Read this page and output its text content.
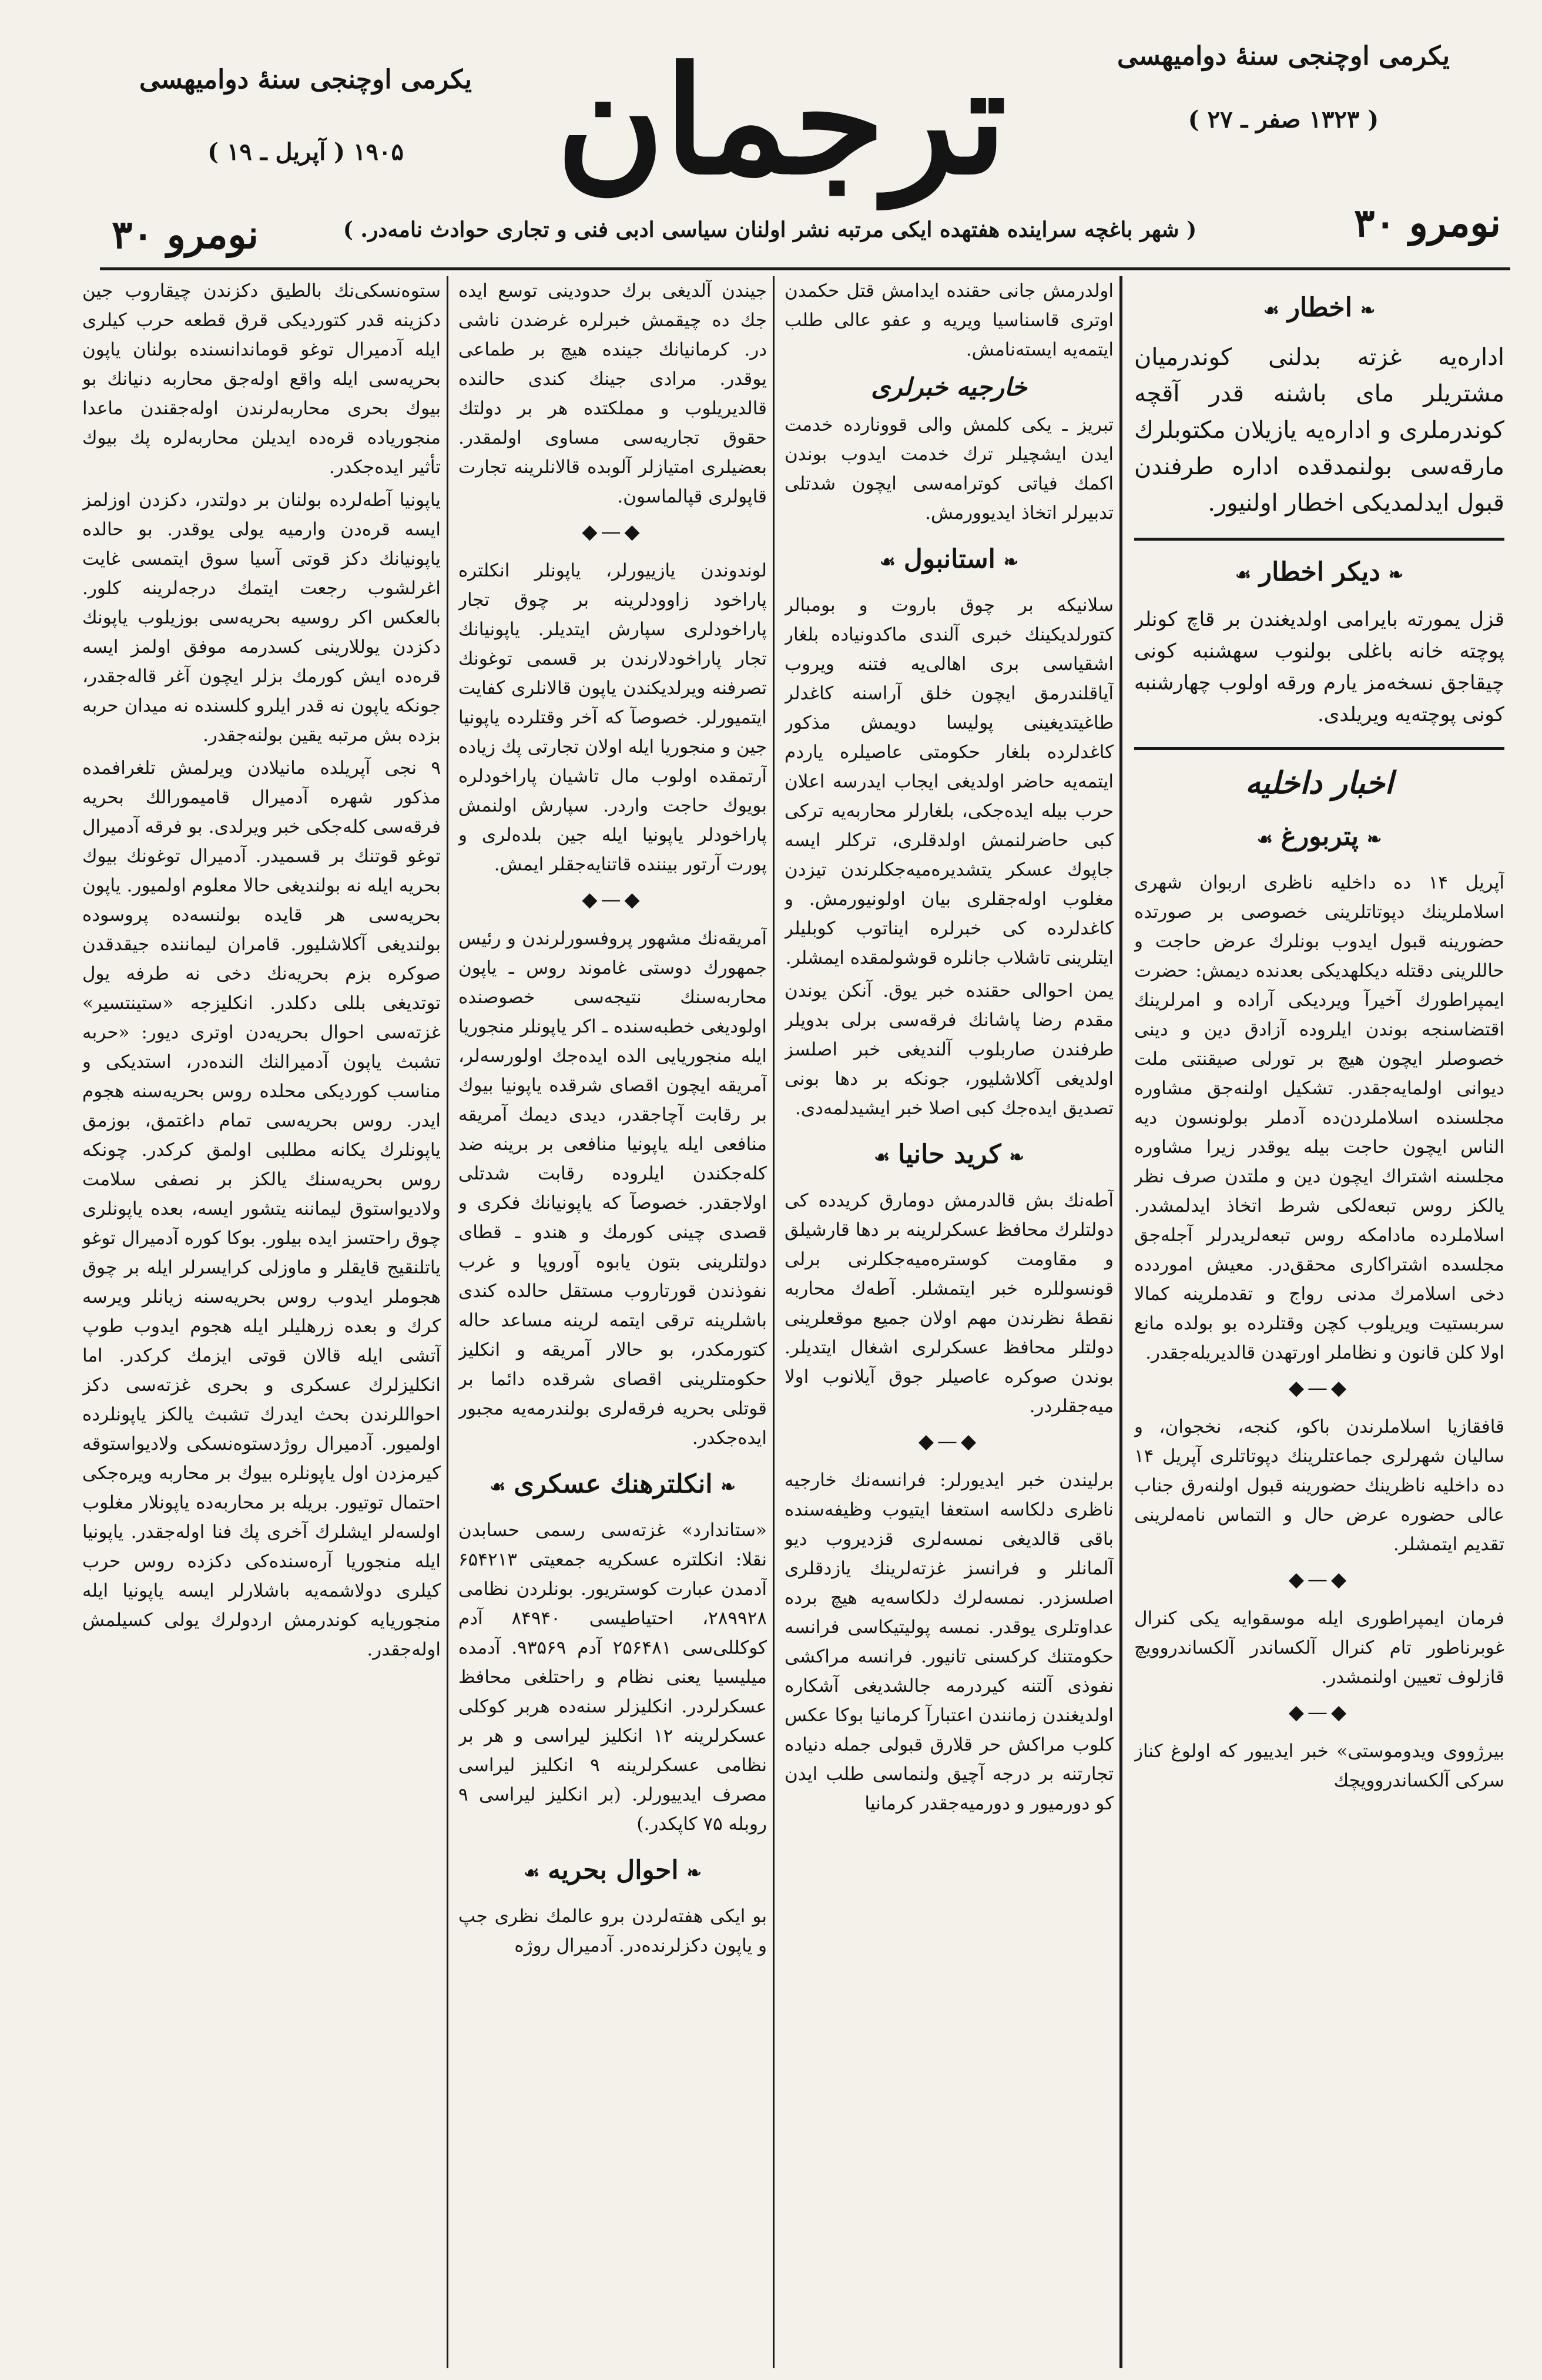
ترجمان	یکرمی اوچنجی سنهٔ دوامیهسی
( ۱۳۲۳ صفر ـ ۲۷ )
یکرمی اوچنجی سنهٔ دوامیهسی
۱۹۰۵ ( آپریل ـ ۱۹ )
نومرو ۳۰
( شهر باغچه سراینده هفتهده ایکی مرتبه نشر اولنان سیاسی ادبی فنی و تجاری حوادث نامه‌در. )
نومرو ۳۰
❧اخطار☙

اداره‌یه غزته بدلنی کوندرمیان مشتریلر مای باشنه قدر آقچه کوندرملری و اداره‌یه یازیلان مکتوبلرك مارقه‌سی بولنمدقده اداره طرفندن قبول ایدلمدیکی اخطار اولنیور.

❧دیکر اخطار☙

قزل یمورته بایرامی اولدیغندن بر قاچ کونلر پوچته خانه باغلی بولنوب سهشنبه کونی چیقاجق نسخه‌مز یارم ورقه اولوب چهارشنبه کونی پوچته‌یه ویریلدی.

اخبار داخلیه
❧پتربورغ☙

آپریل ۱۴ ده داخلیه ناظری اربوان شهری اسلاملرینك دپوتاتلرینی خصوصی بر صورتده حضورینه قبول ایدوب بونلرك عرض حاجت و حاللرینی دقتله دیکلهدیکی بعدنده دیمش: حضرت ایمپراطورك آخیرآ ویردیکی آراده و امرلرینك اقتضاسنجه بوندن ایلروده آزادق دین و دینی خصوصلر ایچون هیچ بر تورلی صیقنتی ملت دیوانی اولمایه‌جقدر. تشکیل اولنه‌جق مشاوره مجلسنده اسلاملردن‌ده آدملر بولونسون دیه الناس ایچون حاجت بیله یوقدر زیرا مشاوره مجلسنه اشتراك ایچون دین و ملتدن صرف نظر یالکز روس تبعه‌لکی شرط اتخاذ ایدلمشدر. اسلاملرده مادامکه روس تبعه‌لریدرلر آجله‌جق مجلسده اشتراکاری محقق‌در. معیش اموردده دخی اسلامرك مدنی رواج و تقدملرینه کمالا سربستیت ویریلوب کچن وقتلرده بو بولده مانع اولا کلن قانون و نظاملر اورتهدن قالدیریله‌جقدر.

◆—◆

قافقازیا اسلاملرندن باکو، کنجه، نخجوان، و سالیان شهرلری جماعتلرینك دپوتاتلری آپریل ۱۴ ده داخلیه ناظرینك حضورینه قبول اولنه‌رق جناب عالی حضوره عرض حال و التماس نامه‌لرینی تقدیم ایتمشلر.

◆—◆

فرمان ایمپراطوری ایله موسقوایه یکی کنرال غوبرناطور تام کنرال آلکساندر آلکساندروویچ قازلوف تعیین اولنمشدر.

◆—◆

بیرژووی ویدوموستی» خبر ایدییور که اولوغ کناز سرکی آلکساندروویچك

اولدرمش جانی حقنده ایدامش قتل حکمدن اوتری قاسناسیا ویریه و عفو عالی طلب ایتمه‌یه ایسته‌نامش.

خارجیه خبرلری

تبریز ـ یکی کلمش والی قوونارده خدمت ایدن ایشچیلر ترك خدمت ایدوب بوندن اکمك فیاتی کوترامه‌سی ایچون شدتلی تدبیرلر اتخاذ ایدیوورمش.

❧استانبول☙

سلانیکه بر چوق باروت و بومبالر کتورلدیکینك خبری آلندی ماکدونیاده بلغار اشقیاسی بری اهالی‌یه فتنه ویروب آیاقلندرمق ایچون خلق آراسنه کاغدلر طاغیتدیغینی پولیسا دویمش مذکور کاغدلرده بلغار حکومتی عاصیلره یاردم ایتمه‌یه حاضر اولدیغی ایجاب ایدرسه اعلان حرب بیله ایده‌جکی، بلغارلر محاربه‌یه ترکی کبی حاضرلنمش اولدقلری، ترکلر ایسه جاپوك عسکر یتشدیره‌میه‌جکلرندن تیزدن مغلوب اوله‌جقلری بیان اولونیورمش. و کاغدلرده کی خبرلره ایناتوب کوبلیلر ایتلرینی تاشلاب جانلره قوشولمقده ایمشلر.

یمن احوالی حقنده خبر یوق. آنکن یوندن مقدم رضا پاشانك فرقه‌سی برلی بدویلر طرفندن صاربلوب آلندیغی خبر اصلسز اولدیغی آکلاشلیور، جونکه بر دها بونی تصدیق ایده‌جك کبی اصلا خبر ایشیدلمه‌دی.

❧کرید حانیا☙

آطه‌نك بش قالدرمش دومارق کریدده کی دولتلرك محافظ عسکرلرینه بر دها قارشیلق و مقاومت کوستره‌میه‌جکلرنی برلی قونسوللره خبر ایتمشلر. آطه‌ك محاربه نقطهٔ نظرندن مهم اولان جمیع موقعلرینی دولتلر محافظ عسکرلری اشغال ایتدیلر. بوندن صوکره عاصیلر جوق آیلانوب اولا میه‌جقلردر.

◆—◆

برلیندن خبر ایدیورلر: فرانسه‌نك خارجیه ناظری دلکاسه استعفا ایتیوب وظیفه‌سنده باقی قالدیغی نمسه‌لری قزدیروب دیو آلمانلر و فرانسز غزته‌لرینك یازدقلری اصلسزدر. نمسه‌لرك دلکاسه‌یه هیچ برده عداوتلری یوقدر. نمسه پولیتیکاسی فرانسه حکومتنك کرکسنی تانیور. فرانسه مراکشی نفوذی آلتنه کیردرمه جالشدیغی آشکاره اولدیغندن زمانندن اعتبارآ کرمانیا بوکا عکس کلوب مراکش حر قلارق قبولی جمله دنیاده تجارتنه بر درجه آچیق ولنماسی طلب ایدن کو دورمیور و دورمیه‌جقدر کرمانیا

جیندن آلدیغی برك حدودینی توسع ایده جك ده چیقمش خبرلره غرضدن ناشی در. کرمانیانك جینده هیچ بر طماعی یوقدر. مرادی جینك کندی حالنده قالدیریلوب و مملکتده هر بر دولتك حقوق تجاریه‌سی مساوی اولمقدر. بعضیلری امتیازلر آلوبده قالانلرینه تجارت قاپولری قپالماسون.

◆—◆

لوندوندن یازییورلر، یاپونلر انکلتره پاراخود زاوودلرینه بر چوق تجار پاراخودلری سپارش ایتدیلر. یاپونیانك تجار پاراخودلارندن بر قسمی توغونك تصرفنه ویرلدیکندن یاپون قالانلری کفایت ایتمیورلر. خصوصآ که آخر وقتلرده یاپونیا جین و منجوریا ایله اولان تجارتی پك زیاده آرتمقده اولوب مال تاشیان پاراخودلره بویوك حاجت واردر. سپارش اولنمش پاراخودلر یاپونیا ایله جین بلده‌لری و پورت آرتور بیننده قاتنایه‌جقلر ایمش.

◆—◆

آمریقه‌نك مشهور پروفسورلرندن و رئیس جمهورك دوستی غاموند روس ـ یاپون محاربه‌سنك نتیجه‌سی خصوصنده اولودیغی خطبه‌سنده ـ اکر یاپونلر منجوریا ایله منجوریایی الده ایده‌جك اولورسه‌لر، آمریقه ایچون اقصای شرقده یاپونیا بیوك بر رقابت آچاجقدر، دیدی دیمك آمریقه منافعی ایله یاپونیا منافعی بر برینه ضد کله‌جکندن ایلروده رقابت شدتلی اولاجقدر. خصوصآ که یاپونیانك فکری و قصدی چینی کورمك و هندو ـ قطای دولتلرینی بتون یابوه آوروپا و غرب نفوذندن قورتاروب مستقل حالده کندی باشلرینه ترقی ایتمه لرینه مساعد حاله کتورمکدر، بو حالار آمریقه و انکلیز حکومتلرینی اقصای شرقده دائما بر قوتلی بحریه فرقه‌لری بولندرمه‌یه مجبور ایده‌جکدر.

❧انکلترهنك عسکری☙

«ستاندارد» غزته‌سی رسمی حسابدن نقلا: انکلتره عسکریه جمعیتی ۶۵۴۲۱۳ آدمدن عبارت کوستریور. بونلردن نظامی ۲۸۹۹۲۸، احتیاطیسی ۸۴۹۴۰ آدم کوکللی‌سی ۲۵۶۴۸۱ آدم ۹۳۵۶۹. آدمده میلیسیا یعنی نظام و راحتلغی محافظ عسکرلردر. انکلیزلر سنه‌ده هربر کوکلی عسکرلرینه ۱۲ انکلیز لیراسی و هر بر نظامی عسکرلرینه ۹ انکلیز لیراسی مصرف ایدییورلر. (بر انکلیز لیراسی ۹ روبله ۷۵ کاپکدر.)

❧احوال بحریه☙

بو ایکی هفته‌لردن برو عالمك نظری جپ و یاپون دکزلرنده‌در. آدمیرال روژه‌

ستوه‌نسکی‌نك بالطیق دکزندن چیقاروب جین دکزینه قدر کتوردیکی قرق قطعه حرب کیلری ایله آدمیرال توغو قوماندانسنده بولنان یاپون بحریه‌سی ایله واقع اوله‌جق محاربه دنیانك بو بیوك بحری محاربه‌لرندن اوله‌جقندن ماعدا منجوریاده قره‌ده ایدیلن محاربه‌لره پك بیوك تأثیر ایده‌جکدر.

یاپونیا آطه‌لرده بولنان بر دولتدر، دکزدن اوزلمز ایسه قره‌دن وارمیه یولی یوقدر. بو حالده یاپونیانك دکز قوتی آسیا سوق ایتمسی غایت اغرلشوب رجعت ایتمك درجه‌لرینه کلور. بالعکس اکر روسیه بحریه‌سی بوزیلوب یاپونك دکزدن یوللارینی کسدرمه موفق اولمز ایسه قره‌ده ایش کورمك بزلر ایچون آغر قاله‌جقدر، جونکه یاپون نه قدر ایلرو کلسنده نه میدان حربه بزده بش مرتبه یقین بولنه‌جقدر.

۹ نجی آپریلده مانیلادن ویرلمش تلغرافمده مذکور شهره آدمیرال قاميمورالك بحریه فرقه‌سی کله‌جکی خبر ویرلدی. بو فرقه آدمیرال توغو قوتنك بر قسمیدر. آدمیرال توغونك بیوك بحریه ایله نه بولندیغی حالا معلوم اولمیور. یاپون بحریه‌سی هر قایده بولنسه‌ده پروسوده بولندیغی آکلاشلیور. قامران لیماننده جیقدقدن صوکره بزم بحریه‌نك دخی نه طرفه یول توتدیغی بللی دکلدر. انکلیزجه «ستینتسیر» غزته‌سی احوال بحریه‌دن اوتری دیور: «حربه تشبث یاپون آدمیرالنك النده‌در، استدیکی و مناسب کوردیکی محلده روس بحریه‌سنه هجوم ایدر. روس بحریه‌سی تمام داغتمق، بوزمق یاپونلرك یکانه مطلبی اولمق کرکدر. چونکه روس بحریه‌سنك یالکز بر نصفی سلامت ولادیواستوق لیماننه یتشور ایسه، بعده یاپونلری چوق راحتسز ایده بیلور. بوکا کوره آدمیرال توغو یاتلنقیج قایقلر و ماوزلی کرایسرلر ایله بر چوق هجوملر ایدوب روس بحریه‌سنه زیانلر ویرسه کرك و بعده زرهلیلر ایله هجوم ایدوب طوپ آتشی ایله قالان قوتی ایزمك کرکدر. اما انکلیزلرك عسکری و بحری غزته‌سی دکز احواللرندن بحث ایدرك تشبث یالکز یاپونلرده اولمیور. آدمیرال روژدستوه‌نسکی ولادیواستوقه کیرمزدن اول یاپونلره بیوك بر محاربه ویره‌جکی احتمال توتیور. بریله بر محاربه‌ده یاپونلار مغلوب اولسه‌لر ایشلرك آخری پك فنا اوله‌جقدر. یاپونیا ایله منجوریا آره‌سنده‌کی دکزده روس حرب کیلری دولاشمه‌یه باشلارلر ایسه یاپونیا ایله منجوریایه کوندرمش اردولرك یولی کسیلمش اوله‌جقدر.
